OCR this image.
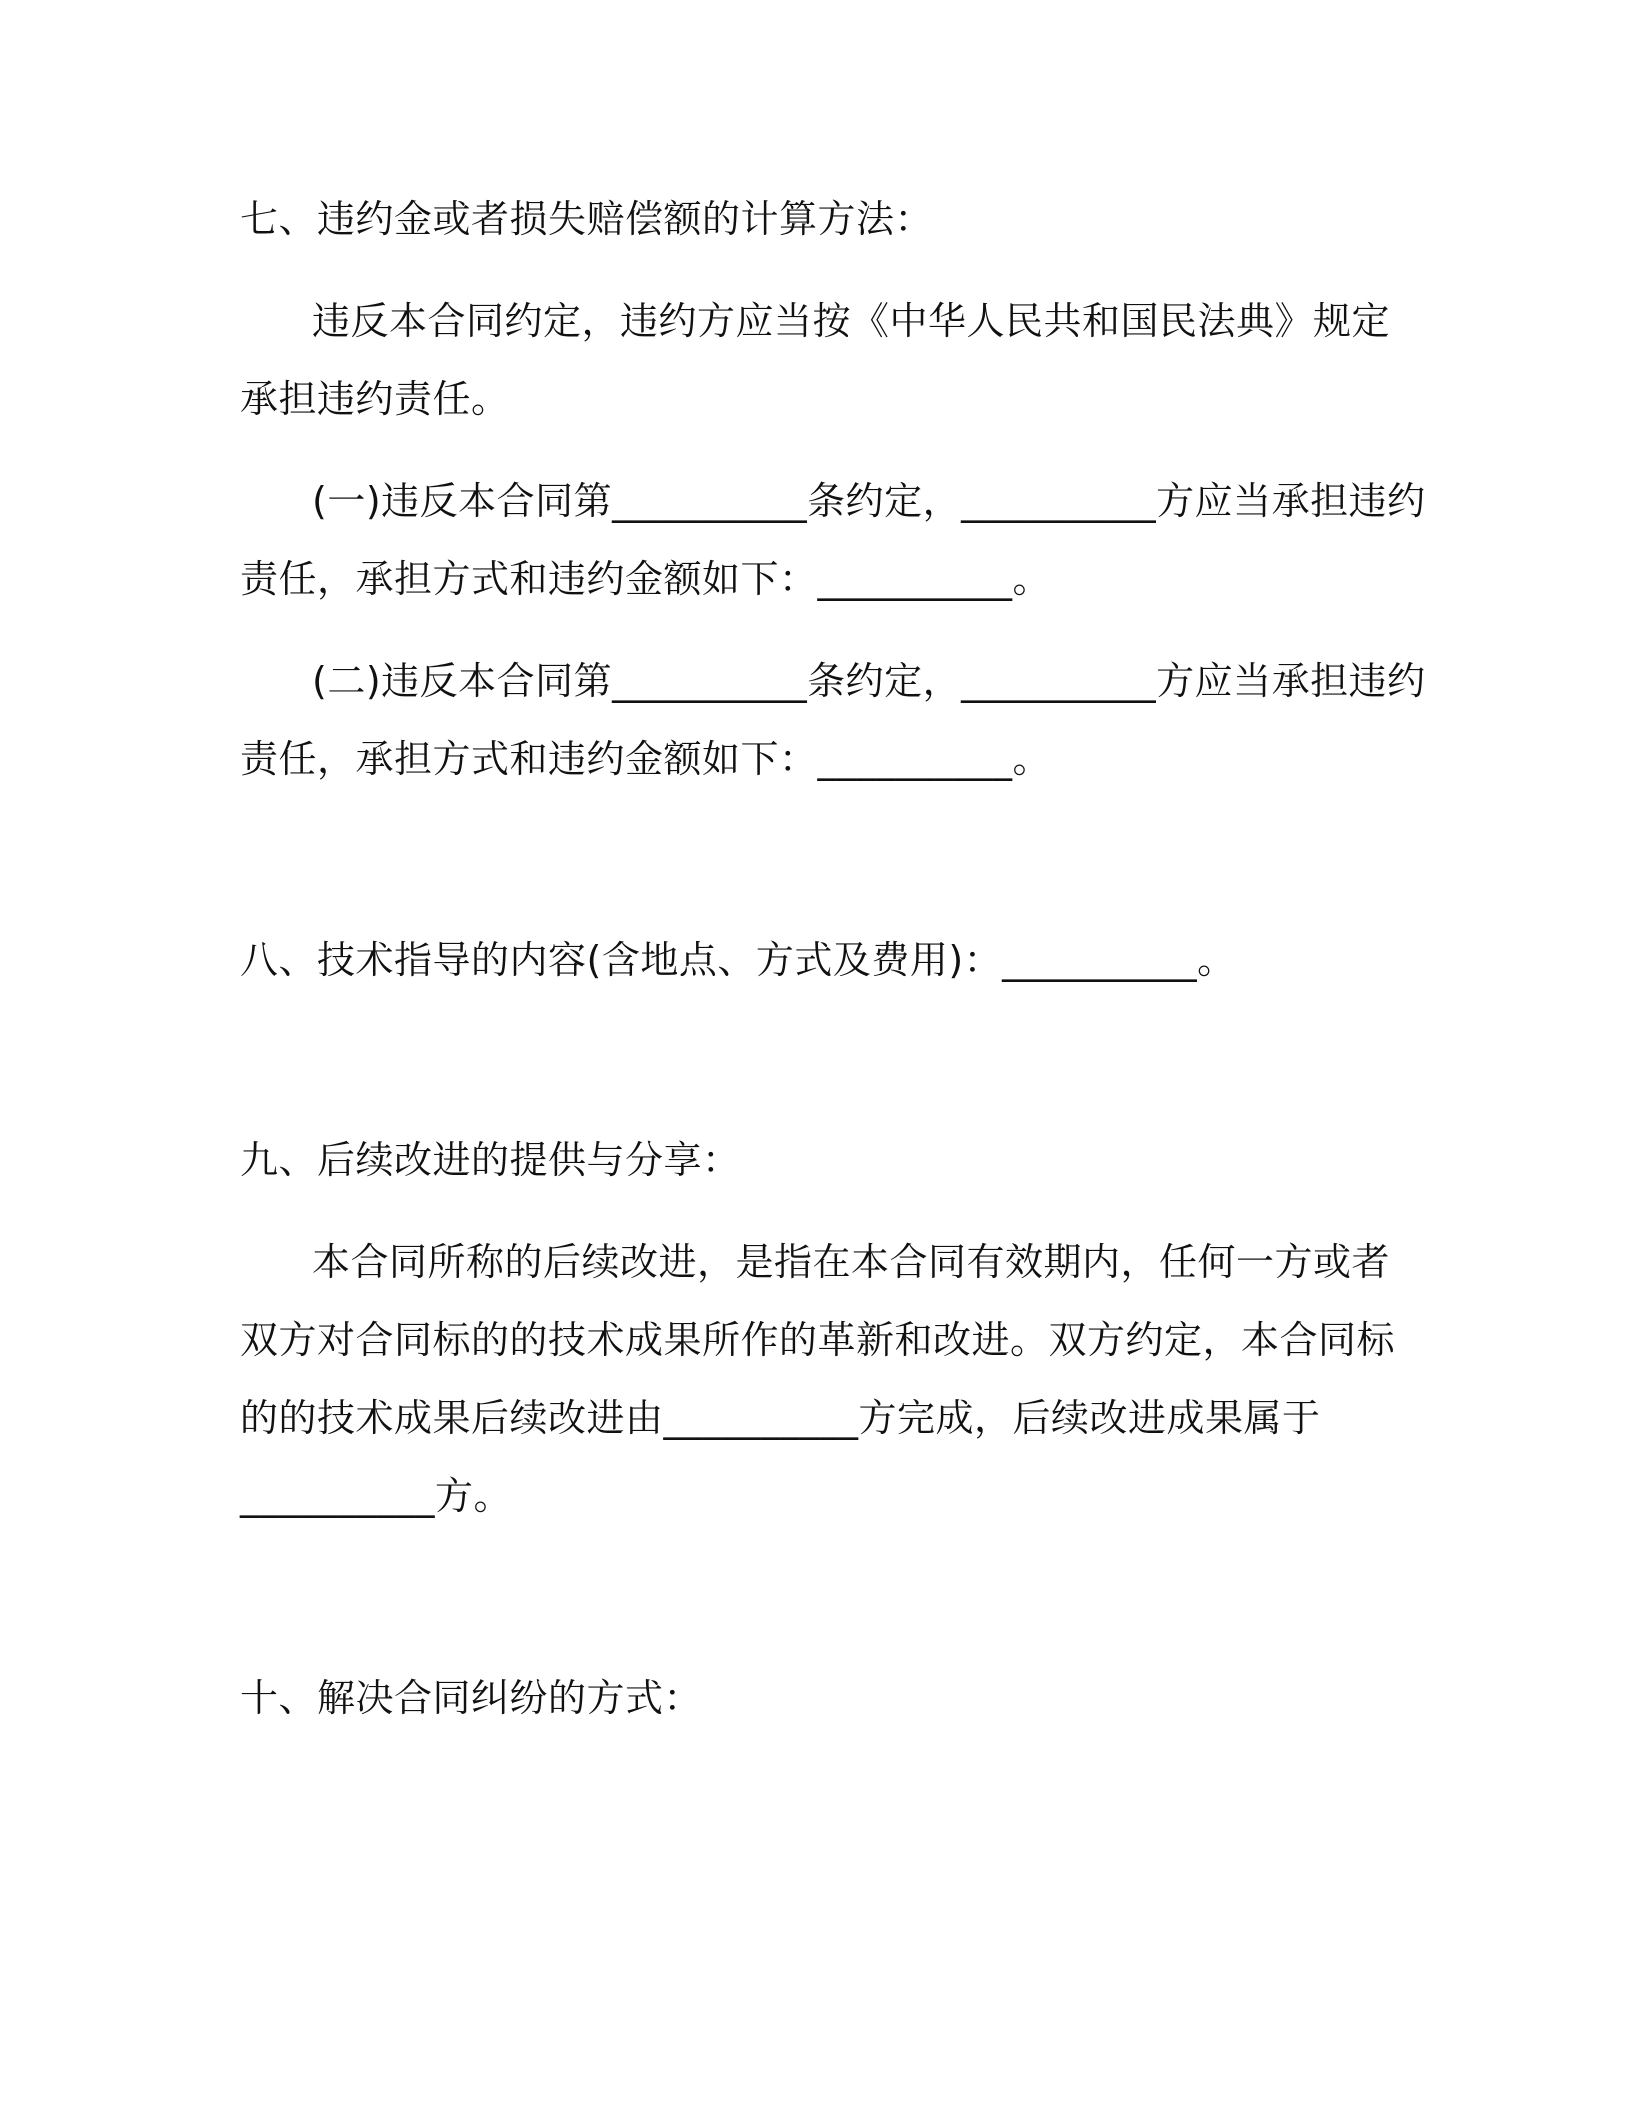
七、违约金或者损失赔偿额的计算方法：
违反本合同约定，违约方应当按《中华人民共和国民法典》规定
承担违约责任。
(一)违反本合同第__________条约定，__________方应当承担违约
责任，承担方式和违约金额如下：__________。
(二)违反本合同第__________条约定，__________方应当承担违约
责任，承担方式和违约金额如下：__________。
八、技术指导的内容(含地点、方式及费用)：__________。
九、后续改进的提供与分享：
本合同所称的后续改进，是指在本合同有效期内，任何一方或者
双方对合同标的的技术成果所作的革新和改进。双方约定，本合同标
的的技术成果后续改进由__________方完成，后续改进成果属于
__________方。
十、解决合同纠纷的方式：
